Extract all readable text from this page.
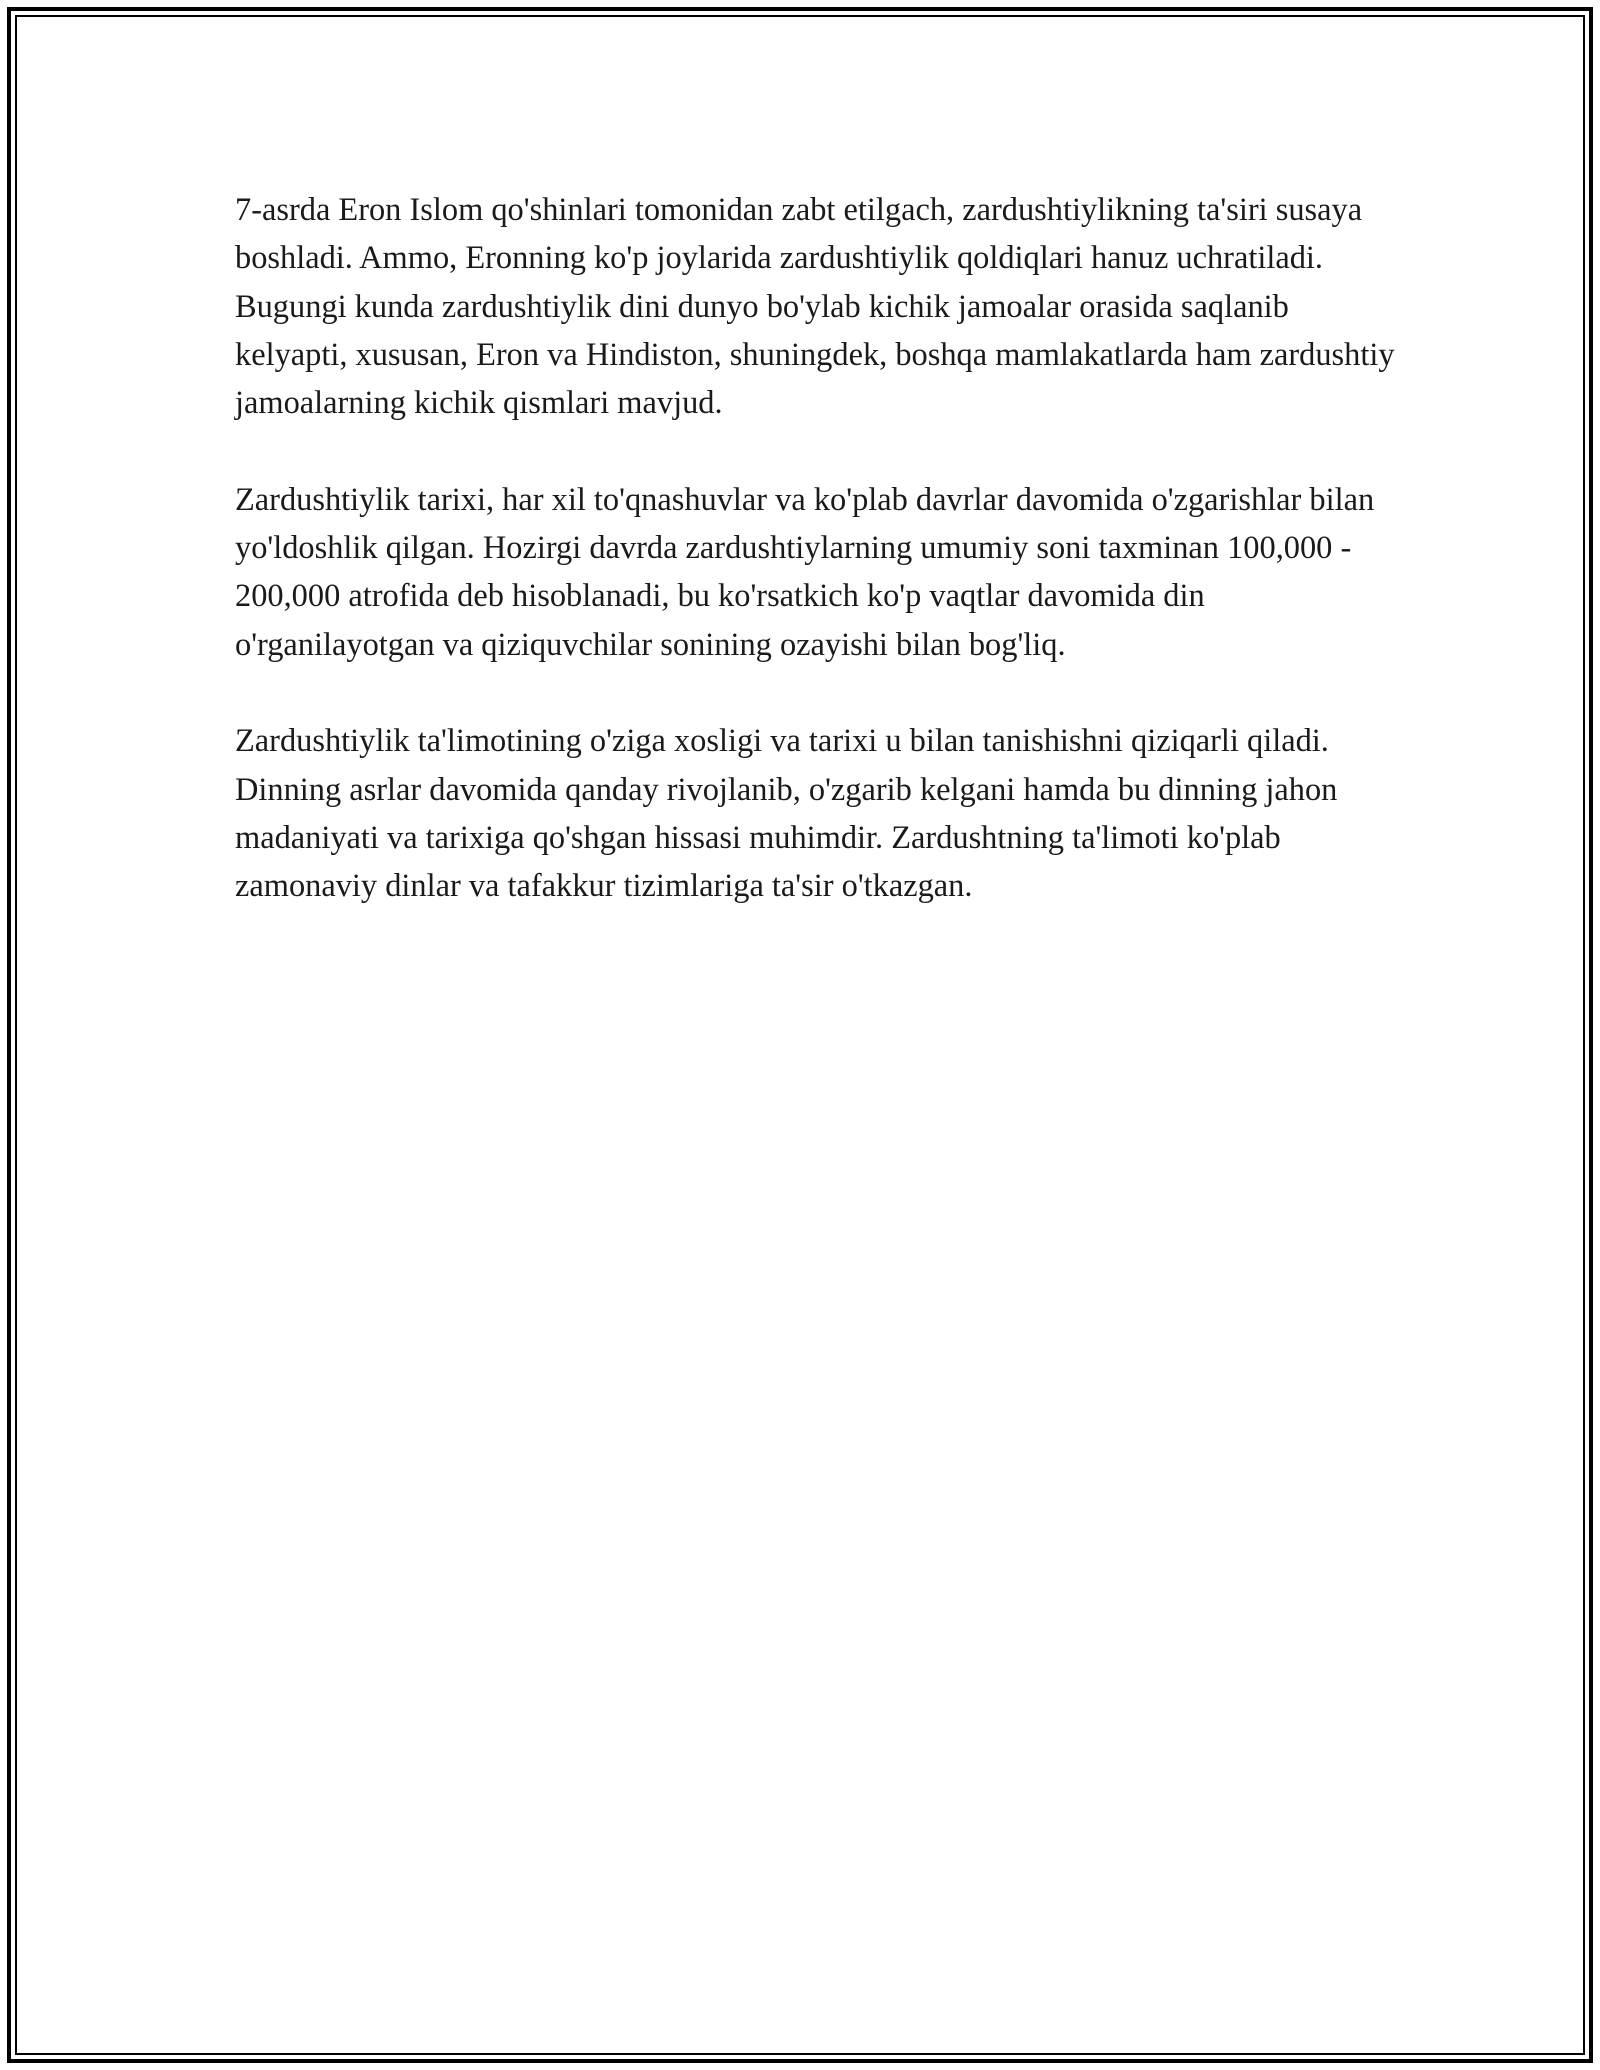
7-asrda Eron Islom qo'shinlari tomonidan zabt etilgach, zardushtiylikning ta'siri susaya boshladi. Ammo, Eronning ko'p joylarida zardushtiylik qoldiqlari hanuz uchratiladi. Bugungi kunda zardushtiylik dini dunyo bo'ylab kichik jamoalar orasida saqlanib kelyapti, xususan, Eron va Hindiston, shuningdek, boshqa mamlakatlarda ham zardushtiy jamoalarning kichik qismlari mavjud.

Zardushtiylik tarixi, har xil to'qnashuvlar va ko'plab davrlar davomida o'zgarishlar bilan yo'ldoshlik qilgan. Hozirgi davrda zardushtiylarning umumiy soni taxminan 100,000 - 200,000 atrofida deb hisoblanadi, bu ko'rsatkich ko'p vaqtlar davomida din o'rganilayotgan va qiziquvchilar sonining ozayishi bilan bog'liq.

Zardushtiylik ta'limotining o'ziga xosligi va tarixi u bilan tanishishni qiziqarli qiladi. Dinning asrlar davomida qanday rivojlanib, o'zgarib kelgani hamda bu dinning jahon madaniyati va tarixiga qo'shgan hissasi muhimdir. Zardushtning ta'limoti ko'plab zamonaviy dinlar va tafakkur tizimlariga ta'sir o'tkazgan.
